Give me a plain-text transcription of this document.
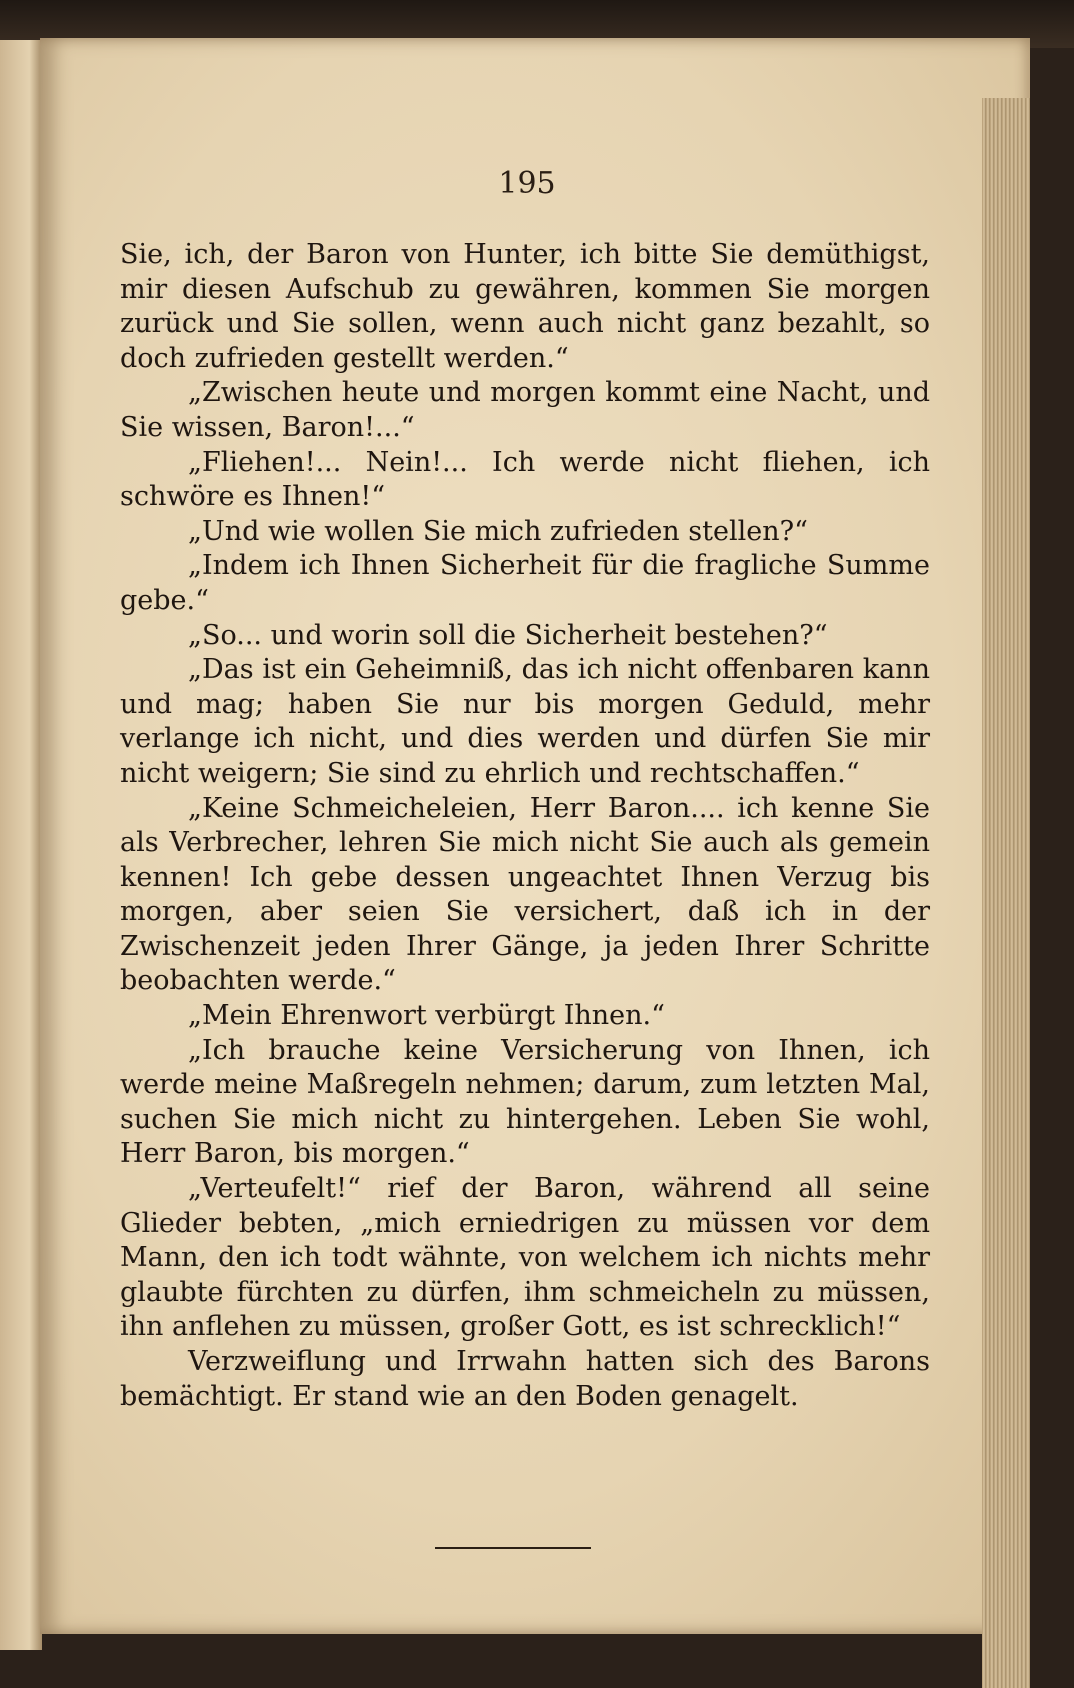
195

Sie, ich, der Baron von Hunter, ich bitte Sie demüthigst, mir diesen Aufschub zu gewähren, kommen Sie morgen zurück und Sie sollen, wenn auch nicht ganz bezahlt, so doch zufrieden gestellt werden.“

„Zwischen heute und morgen kommt eine Nacht, und Sie wissen, Baron!...“

„Fliehen!... Nein!... Ich werde nicht fliehen, ich schwöre es Ihnen!“

„Und wie wollen Sie mich zufrieden stellen?“

„Indem ich Ihnen Sicherheit für die fragliche Summe gebe.“

„So... und worin soll die Sicherheit bestehen?“

„Das ist ein Geheimniß, das ich nicht offenbaren kann und mag; haben Sie nur bis morgen Geduld, mehr verlange ich nicht, und dies werden und dürfen Sie mir nicht weigern; Sie sind zu ehrlich und rechtschaffen.“

„Keine Schmeicheleien, Herr Baron.... ich kenne Sie als Verbrecher, lehren Sie mich nicht Sie auch als gemein kennen! Ich gebe dessen ungeachtet Ihnen Verzug bis morgen, aber seien Sie versichert, daß ich in der Zwischenzeit jeden Ihrer Gänge, ja jeden Ihrer Schritte beobachten werde.“

„Mein Ehrenwort verbürgt Ihnen.“

„Ich brauche keine Versicherung von Ihnen, ich werde meine Maßregeln nehmen; darum, zum letzten Mal, suchen Sie mich nicht zu hintergehen. Leben Sie wohl, Herr Baron, bis morgen.“

„Verteufelt!“ rief der Baron, während all seine Glieder bebten, „mich erniedrigen zu müssen vor dem Mann, den ich todt wähnte, von welchem ich nichts mehr glaubte fürchten zu dürfen, ihm schmeicheln zu müssen, ihn anflehen zu müssen, großer Gott, es ist schrecklich!“

Verzweiflung und Irrwahn hatten sich des Barons bemächtigt. Er stand wie an den Boden genagelt.
